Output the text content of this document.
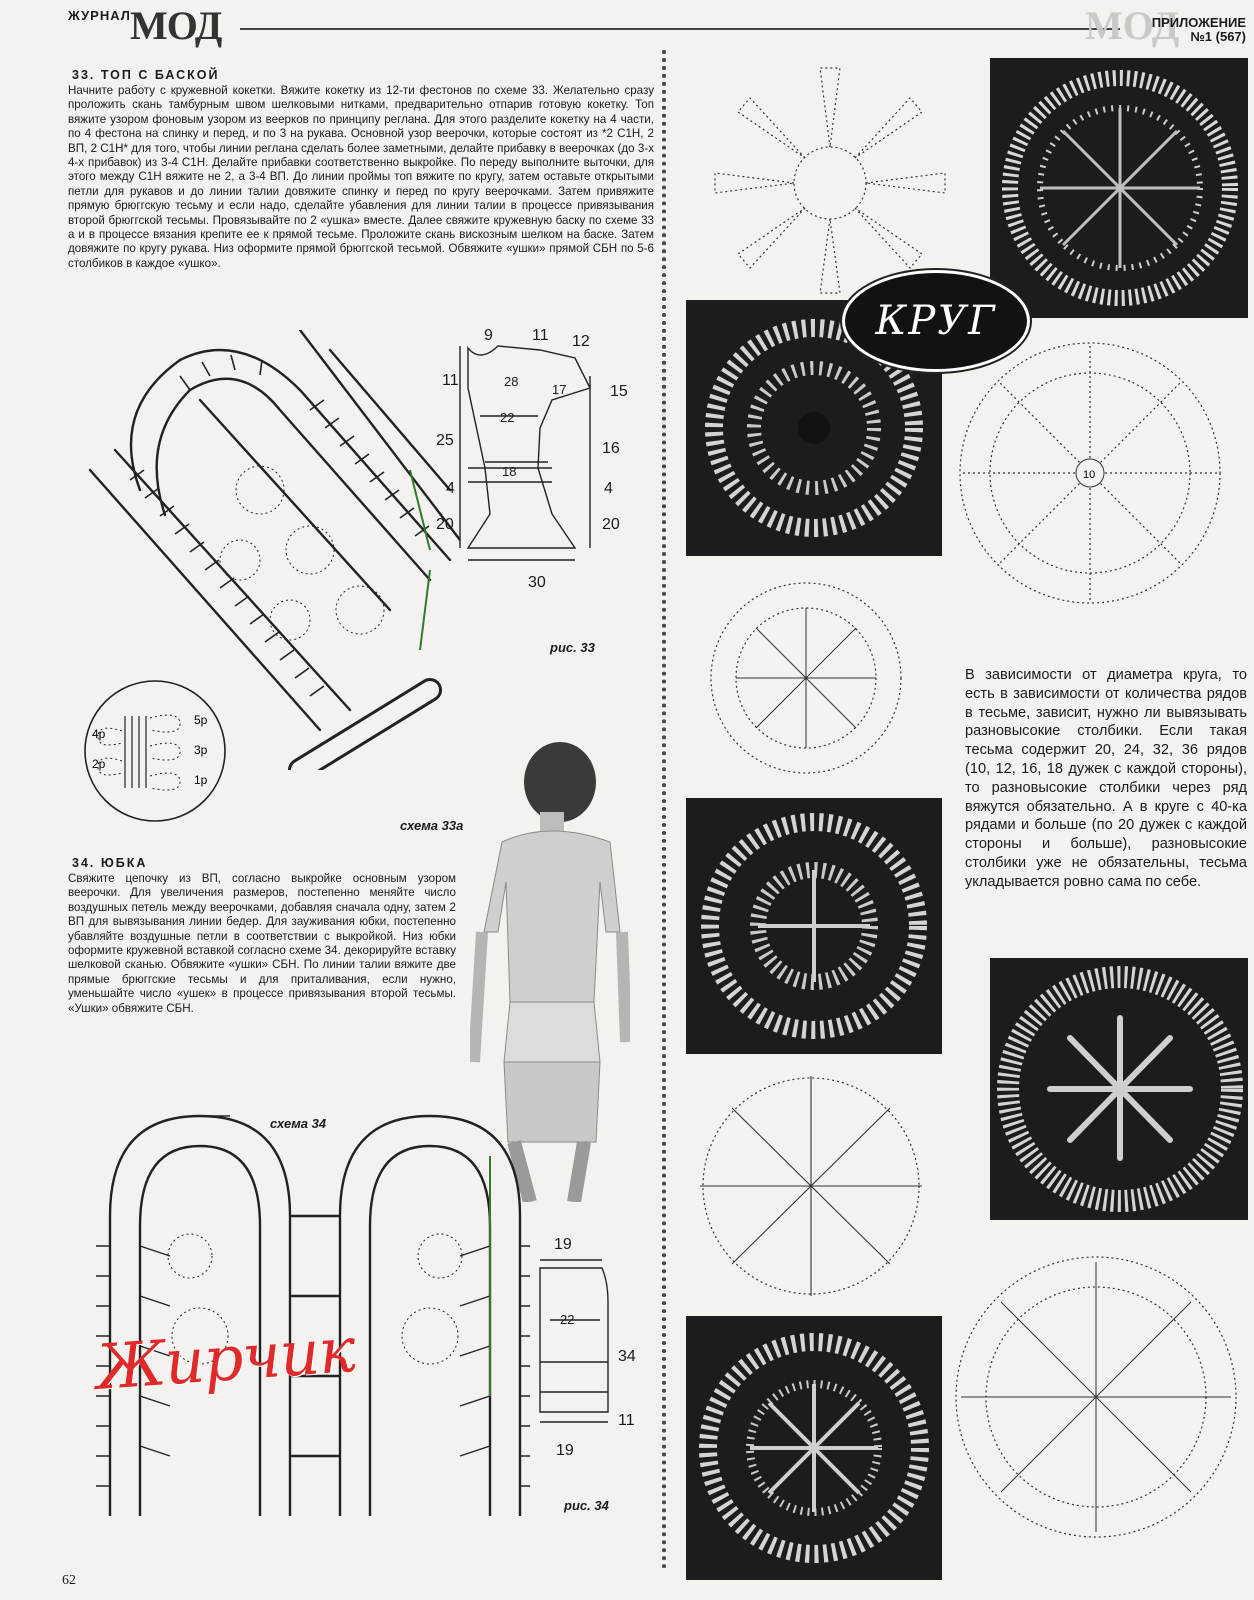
ЖУРНАЛ МОД	МОД
ПРИЛОЖЕНИЕ
№1 (567)
33. ТОП С БАСКОЙ
Начните работу с кружевной кокетки. Вяжите кокетку из 12-ти фестонов по схеме 33. Желательно сразу проложить скань тамбурным швом шелковыми нитками, предварительно отпарив готовую кокетку. Топ вяжите узором фоновым узором из веерков по принципу реглана. Для этого разделите кокетку на 4 части, по 4 фестона на спинку и перед, и по 3 на рукава. Основной узор веерочки, которые состоят из *2 С1Н, 2 ВП, 2 С1Н* для того, чтобы линии реглана сделать более заметными, делайте прибавку в веерочках (до 3-х 4-х прибавок) из 3-4 С1Н. Делайте прибавки соответственно выкройке. По переду выполните выточки, для этого между С1Н вяжите не 2, а 3-4 ВП. До линии проймы топ вяжите по кругу, затем оставьте открытыми петли для рукавов и до линии талии довяжите спинку и перед по кругу веерочками. Затем привяжите прямую брюггскую тесьму и если надо, сделайте убавления для линии талии в процессе привязывания второй брюггской тесьмы. Провязывайте по 2 «ушка» вместе. Далее свяжите кружевную баску по схеме 33 а и в процессе вязания крепите ее к прямой тесьме. Проложите скань вискозным шелком на баске. Затем довяжите по кругу рукава. Низ оформите прямой брюггской тесьмой. Обвяжите «ушки» прямой СБН по 5-6 столбиков в каждое «ушко».
5р
4р
3р
2р
1р
схема 33а
9 11 12
11	28
17	15
22
25	16
18
4	4
20	20
30
рис. 33
34. ЮБКА
Свяжите цепочку из ВП, согласно выкройке основным узором веерочки. Для увеличения размеров, постепенно меняйте число воздушных петель между веерочками, добавляя сначала одну, затем 2 ВП для вывязывания линии бедер. Для зауживания юбки, постепенно убавляйте воздушные петли в соответствии с выкройкой. Низ юбки оформите кружевной вставкой согласно схеме 34. декорируйте вставку шелковой сканью. Обвяжите «ушки» СБН. По линии талии вяжите две прямые брюггские тесьмы и для приталивания, если нужно, уменьшайте число «ушек» в процессе привязывания второй тесьмы. «Ушки» обвяжите СБН.
схема 34
19
22
34
11
19
рис. 34
10
КРУГ
В зависимости от диаметра круга, то есть в зависимости от количества рядов в тесьме, зависит, нужно ли вывязывать разновысокие столбики. Если такая тесьма содержит 20, 24, 32, 36 рядов (10, 12, 16, 18 дужек с каждой стороны), то разновысокие столбики через ряд вяжутся обязательно. А в круге с 40-ка рядами и больше (по 20 дужек с каждой стороны и больше), разновысокие столбики уже не обязательны, тесьма укладывается ровно сама по себе.
Жирчик
62
